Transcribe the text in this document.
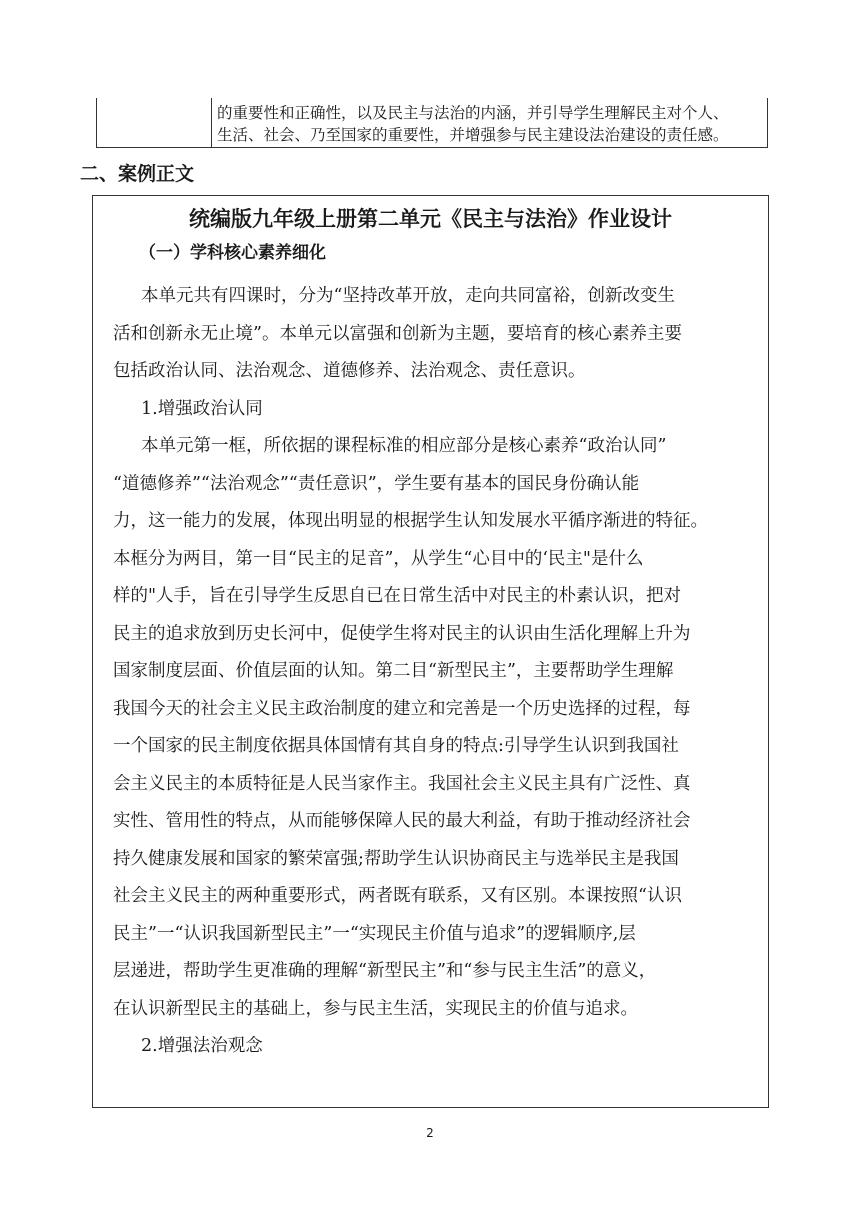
的重要性和正确性，以及民主与法治的内涵，并引导学生理解民主对个人、
生活、社会、乃至国家的重要性，并增强参与民主建设法治建设的责任感。
二、案例正文
统编版九年级上册第二单元《民主与法治》作业设计
（一）学科核心素养细化
本单元共有四课时，分为“坚持改革开放，走向共同富裕，创新改变生
活和创新永无止境”。本单元以富强和创新为主题，要培育的核心素养主要
包括政治认同、法治观念、道德修养、法治观念、责任意识。
1.增强政治认同
本单元第一框，所依据的课程标准的相应部分是核心素养“政治认同”
“道德修养”“法治观念”“责任意识”，学生要有基本的国民身份确认能
力，这一能力的发展，体现出明显的根据学生认知发展水平循序渐进的特征。
本框分为两目，第一目“民主的足音”，从学生“心目中的‘民主"是什么
样的"人手，旨在引导学生反思自已在日常生活中对民主的朴素认识，把对
民主的追求放到历史长河中，促使学生将对民主的认识由生活化理解上升为
国家制度层面、价值层面的认知。第二目“新型民主”，主要帮助学生理解
我国今天的社会主义民主政治制度的建立和完善是一个历史选择的过程，每
一个国家的民主制度依据具体国情有其自身的特点:引导学生认识到我国社
会主义民主的本质特征是人民当家作主。我国社会主义民主具有广泛性、真
实性、管用性的特点，从而能够保障人民的最大利益，有助于推动经济社会
持久健康发展和国家的繁荣富强;帮助学生认识协商民主与选举民主是我国
社会主义民主的两种重要形式，两者既有联系，又有区别。本课按照“认识
民主”一“认识我国新型民主”一“实现民主价值与追求”的逻辑顺序,层
层递进，帮助学生更准确的理解“新型民主”和“参与民主生活”的意义，
在认识新型民主的基础上，参与民主生活，实现民主的价值与追求。
2.增强法治观念
2
